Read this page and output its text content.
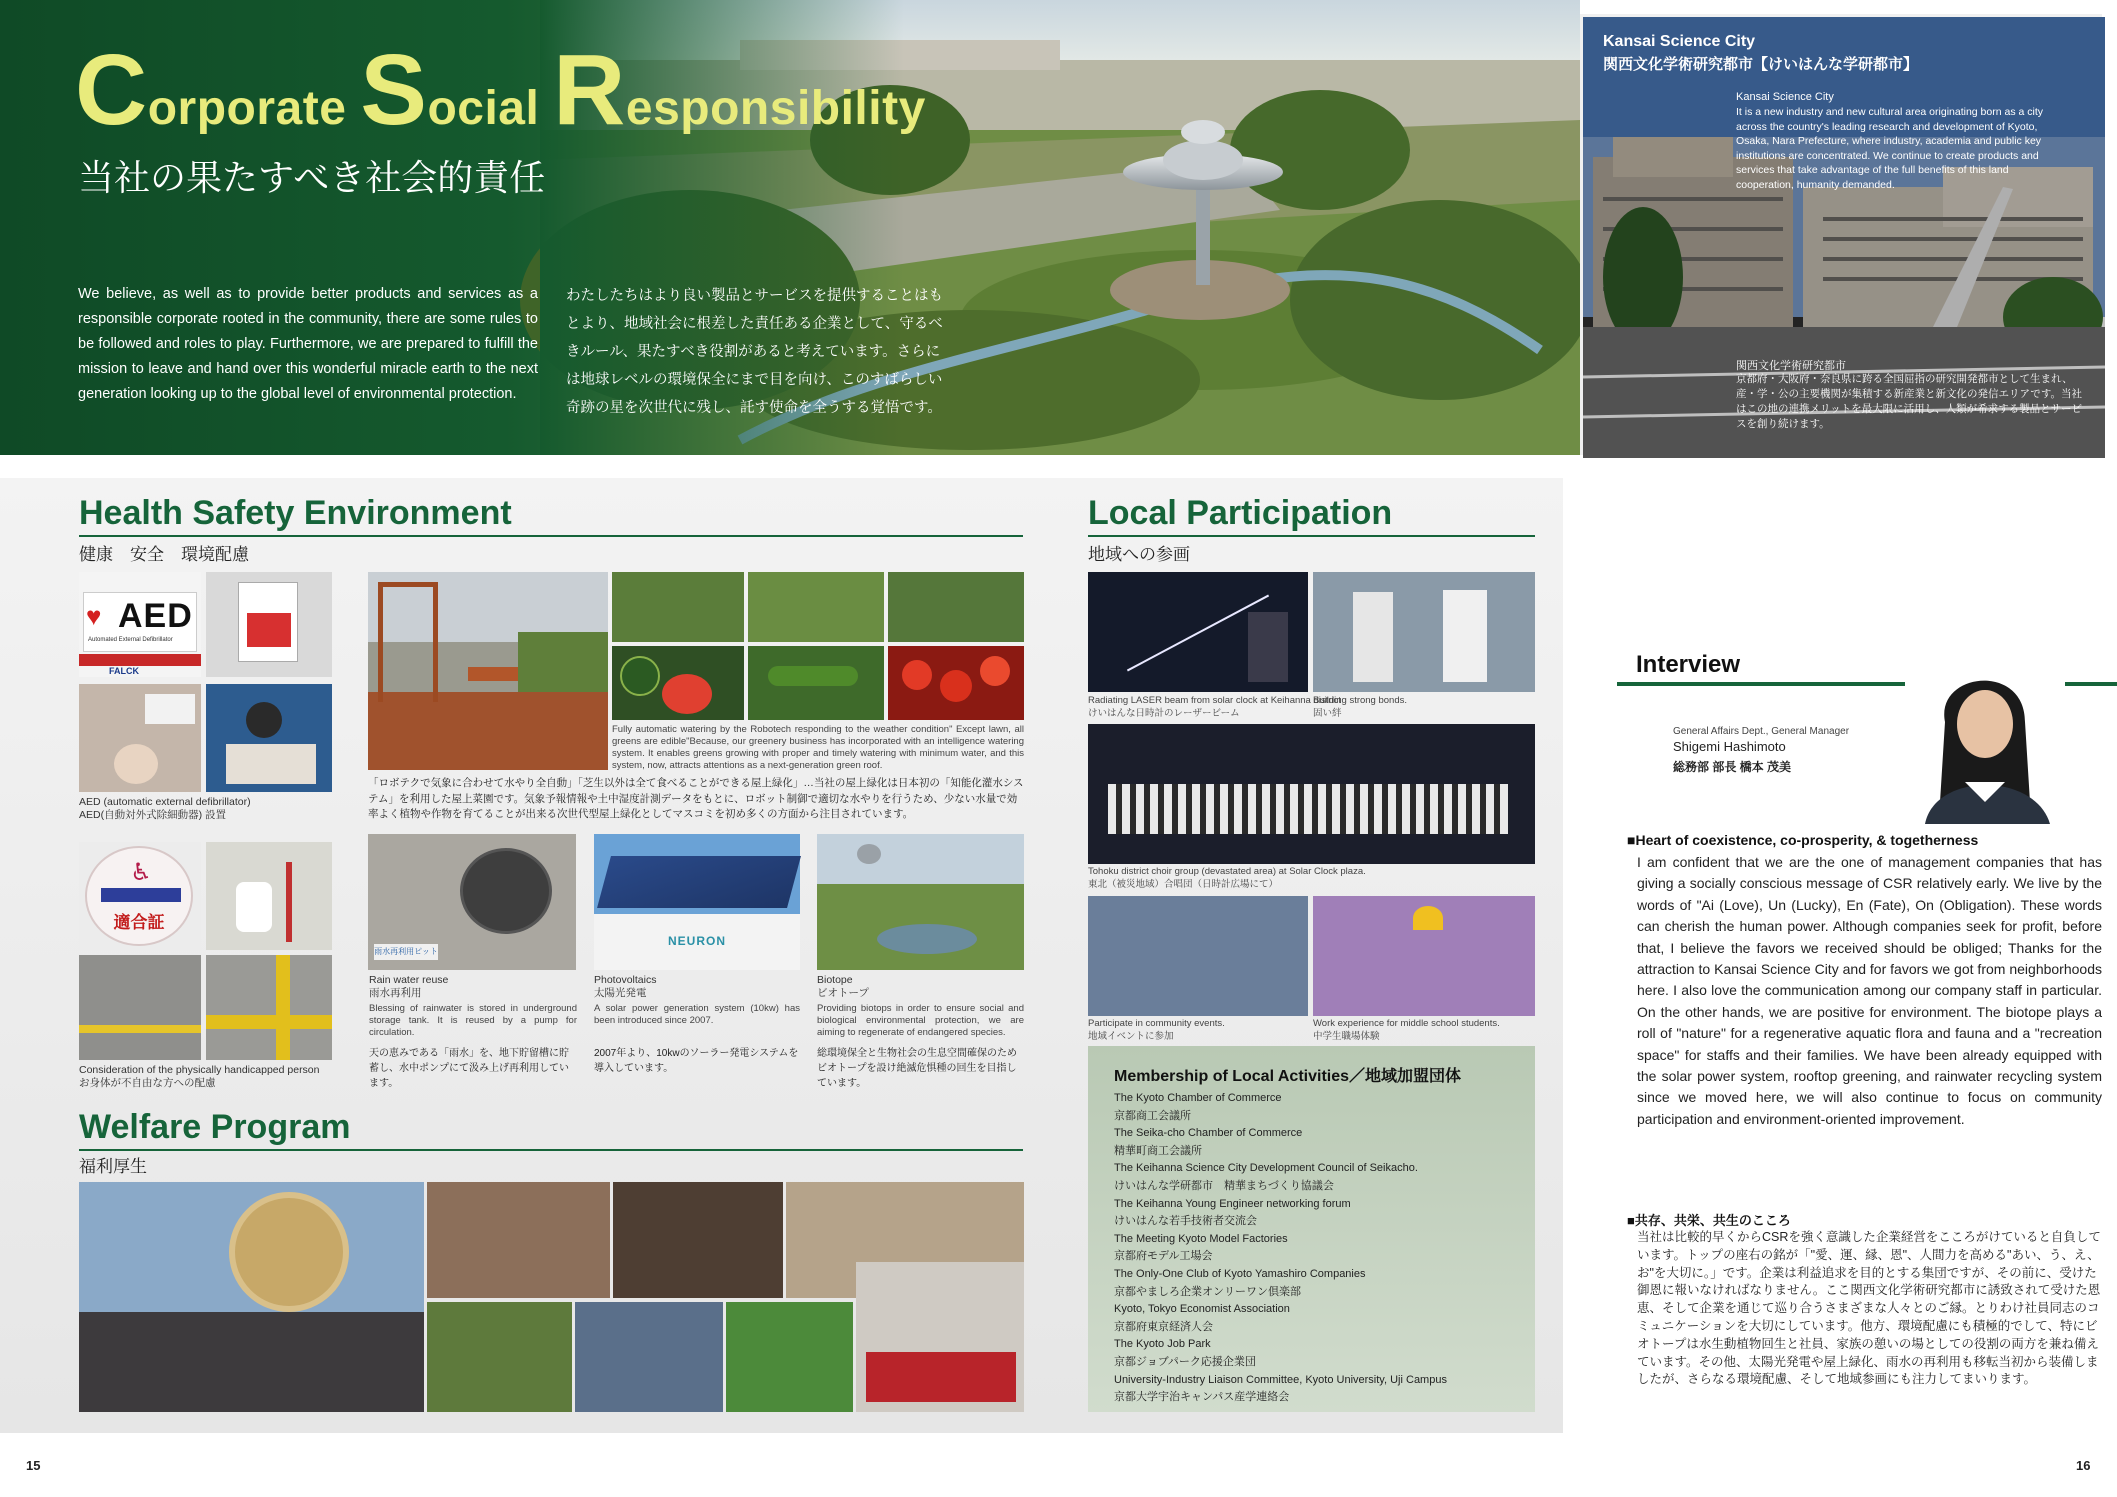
Corporate Social Responsibility
当社の果たすべき社会的責任
We believe, as well as to provide better products and services as a responsible corporate rooted in the community, there are some rules to be followed and roles to play. Furthermore, we are prepared to fulfill the mission to leave and hand over this wonderful miracle earth to the next generation looking up to the global level of environmental protection.
わたしたちはより良い製品とサービスを提供することはもとより、地域社会に根差した責任ある企業として、守るべきルール、果たすべき役割があると考えています。さらには地球レベルの環境保全にまで目を向け、このすばらしい奇跡の星を次世代に残し、託す使命を全うする覚悟です。
Kansai Science City
関西文化学術研究都市【けいはんな学研都市】
Kansai Science City
It is a new industry and new cultural area originating born as a city across the country's leading research and development of Kyoto, Osaka, Nara Prefecture, where industry, academia and public key institutions are concentrated. We continue to create products and services that take advantage of the full benefits of this land cooperation, humanity demanded.
関西文化学術研究都市
京都府・大阪府・奈良県に跨る全国屈指の研究開発都市として生まれ、産・学・公の主要機関が集積する新産業と新文化の発信エリアです。当社はこの地の連携メリットを最大限に活用し、人類が希求する製品とサービスを創り続けます。
Health Safety Environment
健康　安全　環境配慮
♥ AED
Automated External Defibrillator
FALCK
AED (automatic external defibrillator)
AED(自動対外式除細動器) 設置
♿
適合証
Consideration of the physically handicapped person
お身体が不自由な方への配慮
Fully automatic watering by the Robotech responding to the weather condition" Except lawn, all greens are edible"Because, our greenery business has incorporated with an intelligence watering system. It enables greens growing with proper and timely watering with minimum water, and this system, now, attracts attentions as a next-generation green roof.
「ロボテクで気象に合わせて水やり全自動」「芝生以外は全て食べることができる屋上緑化」…当社の屋上緑化は日本初の「知能化灌水システム」を利用した屋上菜園です。気象予報情報や土中湿度計測データをもとに、ロボット制御で適切な水やりを行うため、少ない水量で効率よく植物や作物を育てることが出来る次世代型屋上緑化としてマスコミを初め多くの方面から注目されています。
雨水再利用ピット
NEURON
Rain water reuse
雨水再利用
Blessing of rainwater is stored in underground storage tank. It is reused by a pump for circulation.
天の恵みである「雨水」を、地下貯留槽に貯蓄し、水中ポンプにて汲み上げ再利用しています。
Photovoltaics
太陽光発電
A solar power generation system (10kw) has been introduced since 2007.
2007年より、10kwのソーラー発電システムを導入しています。
Biotope
ビオトープ
Providing biotops in order to ensure social and biological environmental protection, we are aiming to regenerate of endangered species.
総環境保全と生物社会の生息空間確保のためビオトープを設け絶滅危惧種の回生を目指しています。
Welfare Program
福利厚生
Local Participation
地域への参画
Radiating LASER beam from solar clock at Keihanna district
けいはんな日時計のレーザービーム
Building strong bonds.
固い絆
Tohoku district choir group (devastated area) at Solar Clock plaza.
東北（被災地域）合唱団（日時計広場にて）
Participate in community events.
地域イベントに参加
Work experience for middle school students.
中学生職場体験
Membership of Local Activities／地域加盟団体
The Kyoto Chamber of Commerce
京都商工会議所
The Seika-cho Chamber of Commerce
精華町商工会議所
The Keihanna Science City Development Council of Seikacho.
けいはんな学研都市　精華まちづくり協議会
The Keihanna Young Engineer networking forum
けいはんな若手技術者交流会
The Meeting Kyoto Model Factories
京都府モデル工場会
The Only-One Club of Kyoto Yamashiro Companies
京都やましろ企業オンリーワン倶楽部
Kyoto, Tokyo Economist Association
京都府東京経済人会
The Kyoto Job Park
京都ジョブパーク応援企業団
University-Industry Liaison Committee, Kyoto University, Uji Campus
京都大学宇治キャンパス産学連絡会
Interview
General Affairs Dept., General Manager
Shigemi Hashimoto
総務部 部長 橋本 茂美
■Heart of coexistence, co-prosperity, & togetherness
I am confident that we are the one of management companies that has giving a socially conscious message of CSR relatively early. We live by the words of "Ai (Love), Un (Lucky), En (Fate), On (Obligation). These words can cherish the human power. Although companies seek for profit, before that, I believe the favors we received should be obliged; Thanks for the attraction to Kansai Science City and for favors we got from neighborhoods here. I also love the communication among our company staff in particular. On the other hands, we are positive for environment. The biotope plays a roll of "nature" for a regenerative aquatic flora and fauna and a "recreation space" for staffs and their families. We have been already equipped with the solar power system, rooftop greening, and rainwater recycling system since we moved here, we will also continue to focus on community participation and environment-oriented improvement.
■共存、共栄、共生のこころ
当社は比較的早くからCSRを強く意識した企業経営をこころがけていると自負しています。トップの座右の銘が「"愛、運、縁、恩"、人間力を高める"あい、う、え、お"を大切に。」です。企業は利益追求を目的とする集団ですが、その前に、受けた御恩に報いなければなりません。ここ関西文化学術研究都市に誘致されて受けた恩恵、そして企業を通じて巡り合うさまざまな人々とのご縁。とりわけ社員同志のコミュニケーションを大切にしています。他方、環境配慮にも積極的でして、特にビオトープは水生動植物回生と社員、家族の憩いの場としての役割の両方を兼ね備えています。その他、太陽光発電や屋上緑化、雨水の再利用も移転当初から装備しましたが、さらなる環境配慮、そして地域参画にも注力してまいります。
15	16
